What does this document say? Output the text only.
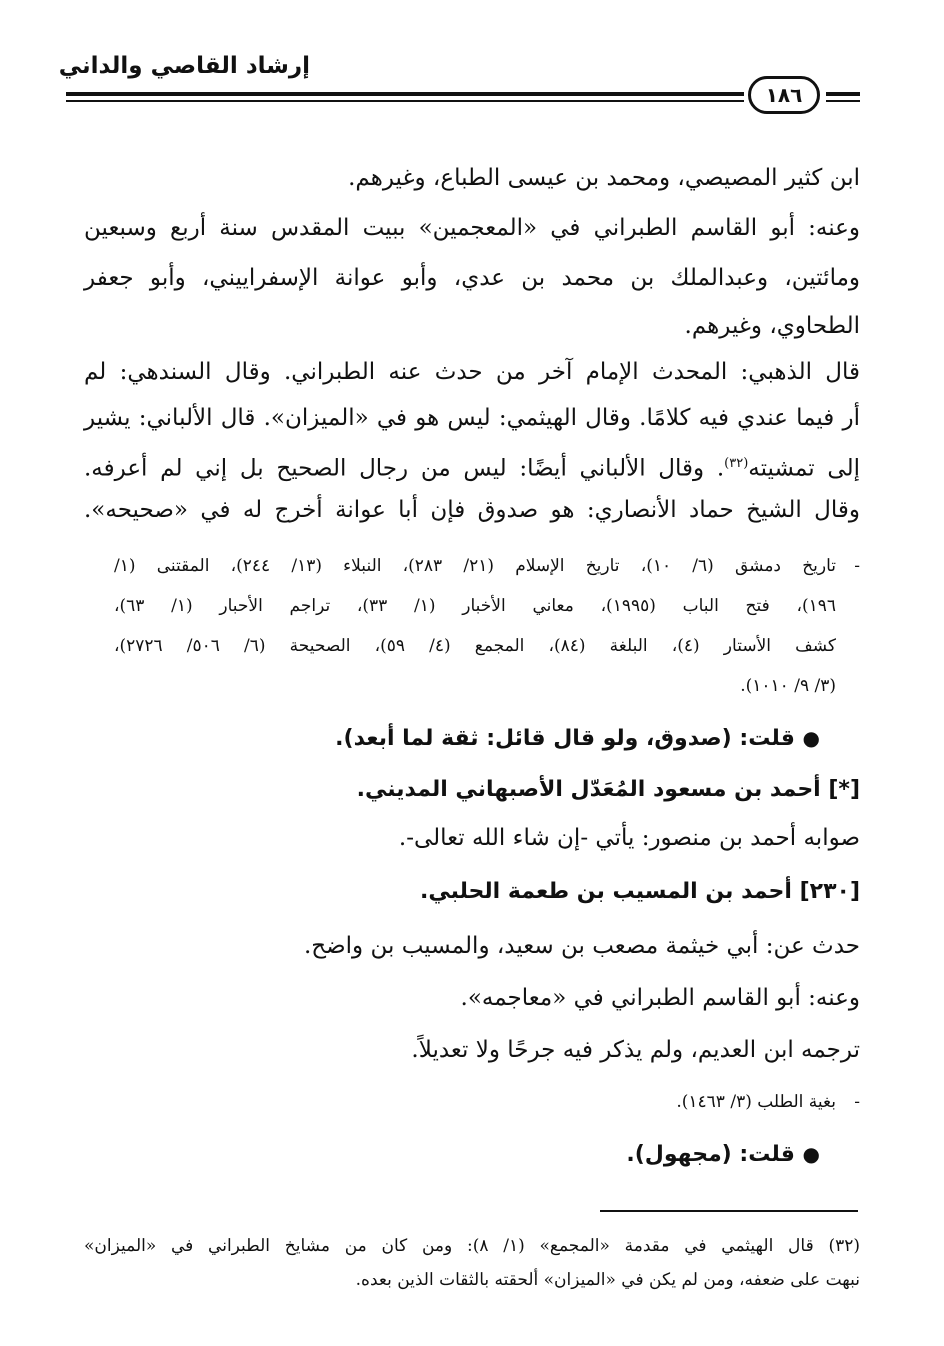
إرشاد القاصي والداني
١٨٦
ابن كثير المصيصي، ومحمد بن عيسى الطباع، وغيرهم.
وعنه: أبو القاسم الطبراني في «المعجمين» ببيت المقدس سنة أربع وسبعين
ومائتين، وعبدالملك بن محمد بن عدي، وأبو عوانة الإسفراييني، وأبو جعفر
الطحاوي، وغيرهم.
قال الذهبي: المحدث الإمام آخر من حدث عنه الطبراني. وقال السندهي: لم
أر فيما عندي فيه كلامًا. وقال الهيثمي: ليس هو في «الميزان». قال الألباني: يشير
إلى تمشيته$^{(٣٢)}$. وقال الألباني أيضًا: ليس من رجال الصحيح بل إني لم أعرفه.
وقال الشيخ حماد الأنصاري: هو صدوق فإن أبا عوانة أخرج له في «صحيحه».
-
تاريخ دمشق (٦/ ١٠)، تاريخ الإسلام (٢١/ ٢٨٣)، النبلاء (١٣/ ٢٤٤)، المقتنى (١/
١٩٦)، فتح الباب (١٩٩٥)، معاني الأخبار (١/ ٣٣)، تراجم الأحبار (١/ ٦٣)،
كشف الأستار (٤)، البلغة (٨٤)، المجمع (٤/ ٥٩)، الصحيحة (٦/ ٥٠٦/ ٢٧٢٦)،
(٣/ ٩/ ١٠١٠).
● قلت: (صدوق، ولو قال قائل: ثقة لما أبعد).
[*] أحمد بن مسعود المُعَدّل الأصبهاني المديني.
صوابه أحمد بن منصور: يأتي -إن شاء الله تعالى-.
[٢٣٠] أحمد بن المسيب بن طعمة الحلبي.
حدث عن: أبي خيثمة مصعب بن سعيد، والمسيب بن واضح.
وعنه: أبو القاسم الطبراني في «معاجمه».
ترجمه ابن العديم، ولم يذكر فيه جرحًا ولا تعديلاً.
-
بغية الطلب (٣/ ١٤٦٣).
● قلت: (مجهول).
(٣٢) قال الهيثمي في مقدمة «المجمع» (١/ ٨): ومن كان من مشايخ الطبراني في «الميزان»
نبهت على ضعفه، ومن لم يكن في «الميزان» ألحقته بالثقات الذين بعده.
